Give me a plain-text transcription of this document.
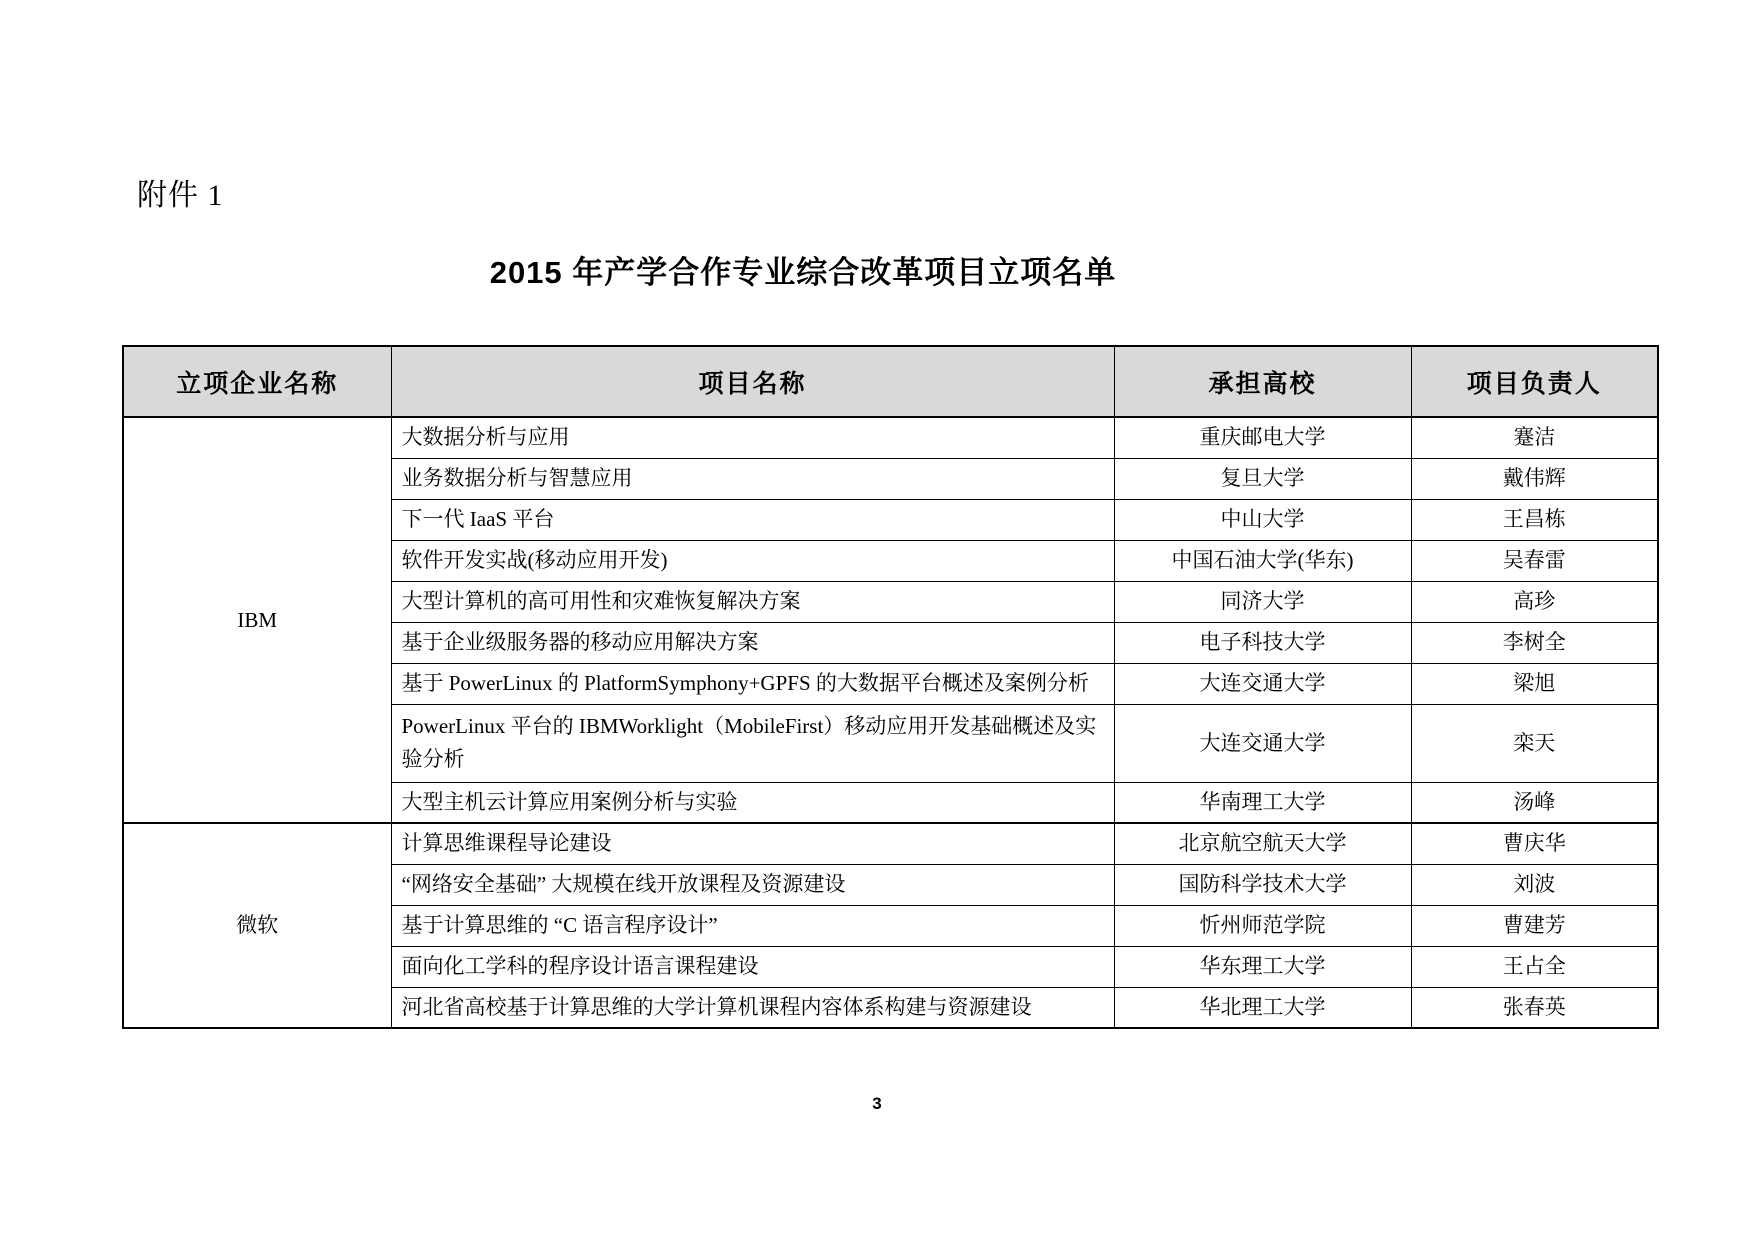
附件 1
2015 年产学合作专业综合改革项目立项名单
立项企业名称	项目名称	承担高校	项目负责人
IBM	大数据分析与应用	重庆邮电大学	蹇洁
	业务数据分析与智慧应用	复旦大学	戴伟辉
	下一代 IaaS 平台	中山大学	王昌栋
	软件开发实战(移动应用开发)	中国石油大学(华东)	吴春雷
	大型计算机的高可用性和灾难恢复解决方案	同济大学	高珍
	基于企业级服务器的移动应用解决方案	电子科技大学	李树全
	基于 PowerLinux 的 PlatformSymphony+GPFS 的大数据平台概述及案例分析	大连交通大学	梁旭
	PowerLinux 平台的 IBMWorklight（MobileFirst）移动应用开发基础概述及实验分析	大连交通大学	栾天
	大型主机云计算应用案例分析与实验	华南理工大学	汤峰
微软	计算思维课程导论建设	北京航空航天大学	曹庆华
	“网络安全基础” 大规模在线开放课程及资源建设	国防科学技术大学	刘波
	基于计算思维的 “C 语言程序设计”	忻州师范学院	曹建芳
	面向化工学科的程序设计语言课程建设	华东理工大学	王占全
	河北省高校基于计算思维的大学计算机课程内容体系构建与资源建设	华北理工大学	张春英
3
